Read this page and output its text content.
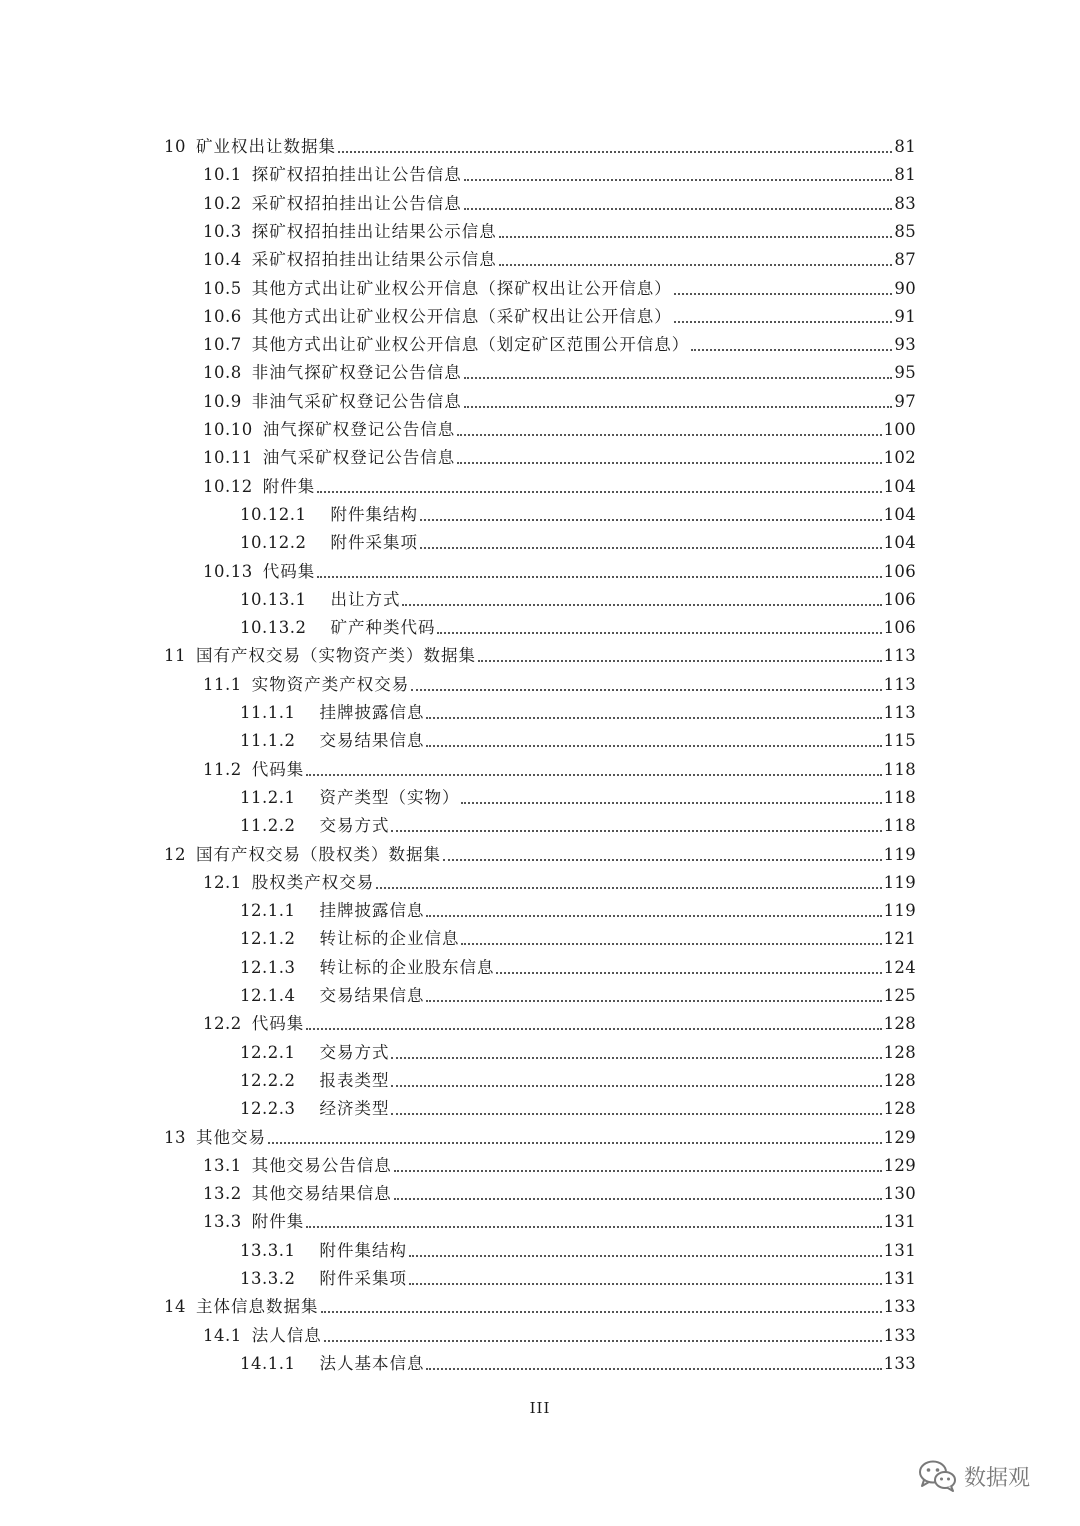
10 矿业权出让数据集	81
10.1 探矿权招拍挂出让公告信息	81
10.2 采矿权招拍挂出让公告信息	83
10.3 探矿权招拍挂出让结果公示信息	85
10.4 采矿权招拍挂出让结果公示信息	87
10.5 其他方式出让矿业权公开信息（探矿权出让公开信息）	90
10.6 其他方式出让矿业权公开信息（采矿权出让公开信息）	91
10.7 其他方式出让矿业权公开信息（划定矿区范围公开信息）	93
10.8 非油气探矿权登记公告信息	95
10.9 非油气采矿权登记公告信息	97
10.10 油气探矿权登记公告信息	100
10.11 油气采矿权登记公告信息	102
10.12 附件集	104
10.12.1 附件集结构	104
10.12.2 附件采集项	104
10.13 代码集	106
10.13.1 出让方式	106
10.13.2 矿产种类代码	106
11 国有产权交易（实物资产类）数据集	113
11.1 实物资产类产权交易	113
11.1.1 挂牌披露信息	113
11.1.2 交易结果信息	115
11.2 代码集	118
11.2.1 资产类型（实物）	118
11.2.2 交易方式	118
12 国有产权交易（股权类）数据集	119
12.1 股权类产权交易	119
12.1.1 挂牌披露信息	119
12.1.2 转让标的企业信息	121
12.1.3 转让标的企业股东信息	124
12.1.4 交易结果信息	125
12.2 代码集	128
12.2.1 交易方式	128
12.2.2 报表类型	128
12.2.3 经济类型	128
13 其他交易	129
13.1 其他交易公告信息	129
13.2 其他交易结果信息	130
13.3 附件集	131
13.3.1 附件集结构	131
13.3.2 附件采集项	131
14 主体信息数据集	133
14.1 法人信息	133
14.1.1 法人基本信息	133
III
数据观
